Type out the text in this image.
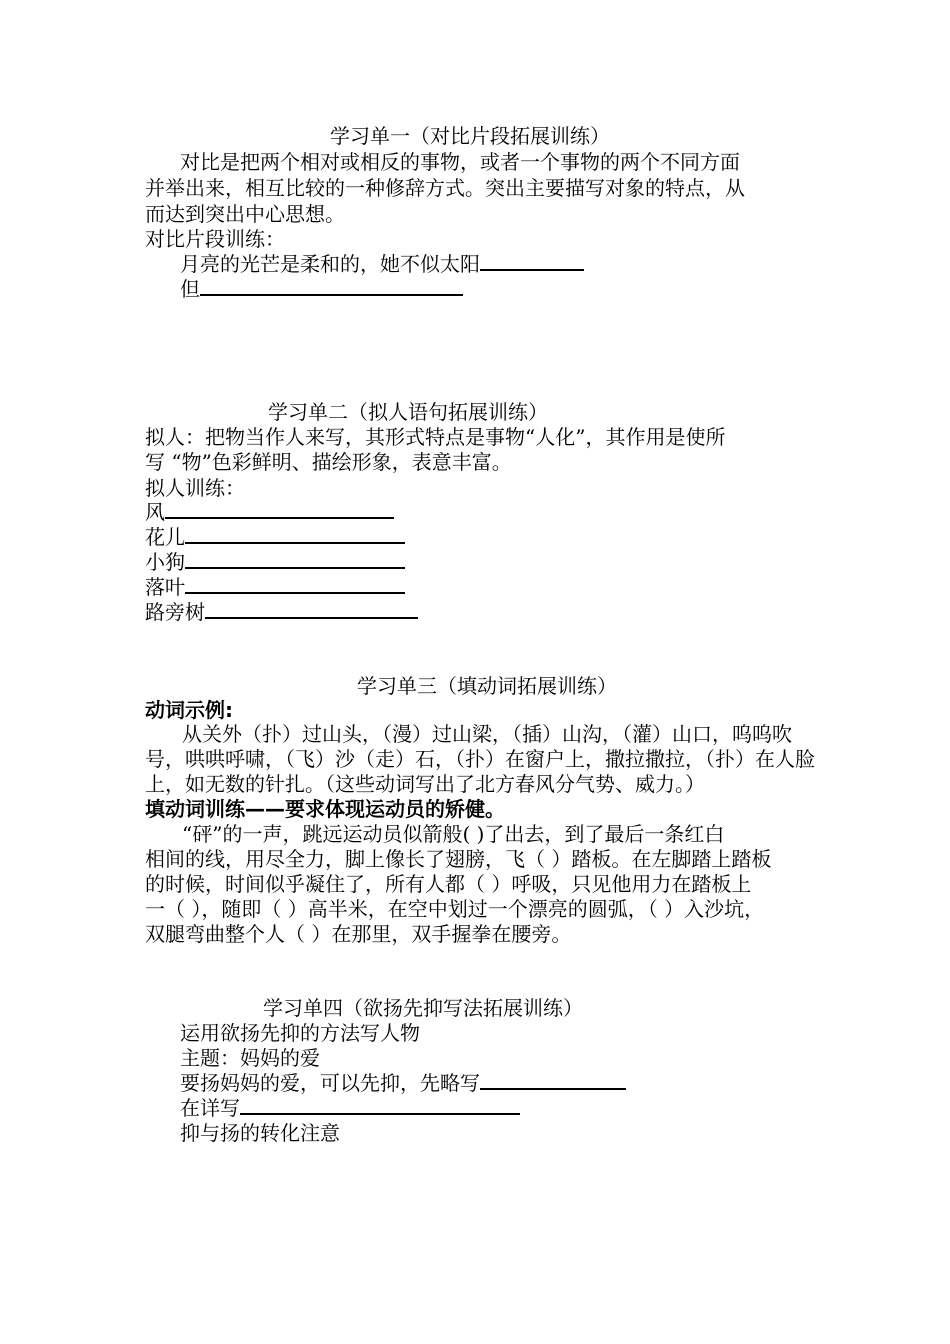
学习单一（对比片段拓展训练）
对比是把两个相对或相反的事物，或者一个事物的两个不同方面
并举出来，相互比较的一种修辞方式。突出主要描写对象的特点，从
而达到突出中心思想。
对比片段训练：
月亮的光芒是柔和的，她不似太阳
但
学习单二（拟人语句拓展训练）
拟人：把物当作人来写，其形式特点是事物“人化”，其作用是使所
写 “物”色彩鲜明、描绘形象，表意丰富。
拟人训练：
风
花儿
小狗
落叶
路旁树
学习单三（填动词拓展训练）
动词示例:
从关外（扑）过山头，（漫）过山梁，（插）山沟，（灌）山口，呜呜吹
号，哄哄呼啸，（飞）沙（走）石，（扑）在窗户上，撒拉撒拉，（扑）在人脸
上，如无数的针扎。（这些动词写出了北方春风分气势、威力。）
填动词训练——要求体现运动员的矫健。
“砰”的一声，跳远运动员似箭般( )了出去，到了最后一条红白
相间的线，用尽全力，脚上像长了翅膀，飞（ ）踏板。在左脚踏上踏板
的时候，时间似乎凝住了，所有人都（ ）呼吸，只见他用力在踏板上
一（ ），随即（ ）高半米，在空中划过一个漂亮的圆弧，（ ）入沙坑，
双腿弯曲整个人（ ）在那里，双手握拳在腰旁。
学习单四（欲扬先抑写法拓展训练）
运用欲扬先抑的方法写人物
主题：妈妈的爱
要扬妈妈的爱，可以先抑，先略写
在详写
抑与扬的转化注意
